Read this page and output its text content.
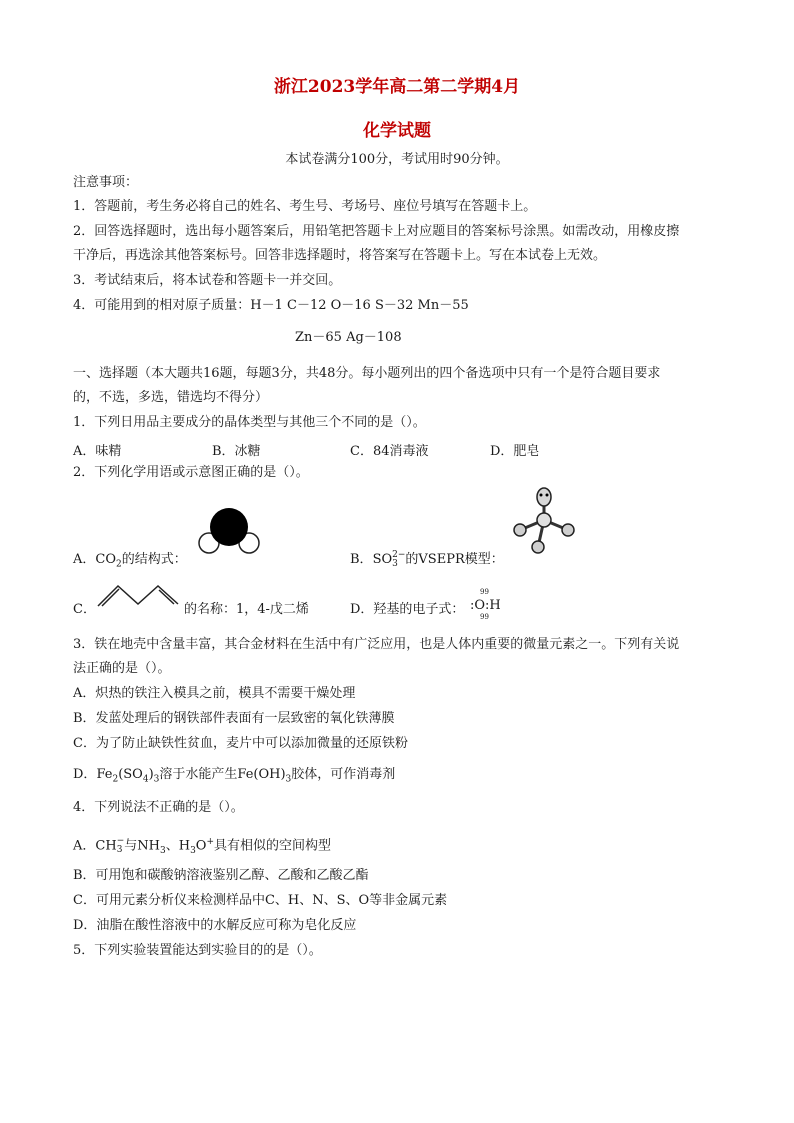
浙江2023学年高二第二学期4月
化学试题
本试卷满分100分，考试用时90分钟。
注意事项：
1．答题前，考生务必将自己的姓名、考生号、考场号、座位号填写在答题卡上。
2．回答选择题时，选出每小题答案后，用铅笔把答题卡上对应题目的答案标号涂黑。如需改动，用橡皮擦
干净后，再选涂其他答案标号。回答非选择题时，将答案写在答题卡上。写在本试卷上无效。
3．考试结束后，将本试卷和答题卡一并交回。
4．可能用到的相对原子质量：H－1 C－12 O－16 S－32 Mn－55
Zn－65 Ag－108
一、选择题（本大题共16题，每题3分，共48分。每小题列出的四个备选项中只有一个是符合题目要求
的，不选，多选，错选均不得分）
1．下列日用品主要成分的晶体类型与其他三个不同的是（）。
A．味精	B．冰糖	C．84消毒液	D．肥皂
2．下列化学用语或示意图正确的是（）。
A．$CO_2$的结构式：	B．SO 2−
3 的VSEPR模型：
C．	的名称：1，4-戊二烯	D．羟基的电子式：
99
:O:H
99
3．铁在地壳中含量丰富，其合金材料在生活中有广泛应用，也是人体内重要的微量元素之一。下列有关说
法正确的是（）。
A．炽热的铁注入模具之前，模具不需要干燥处理
B．发蓝处理后的钢铁部件表面有一层致密的氧化铁薄膜
C．为了防止缺铁性贫血，麦片中可以添加微量的还原铁粉
D．$Fe_2(SO_4)_3$溶于水能产生$Fe(OH)_3$胶体，可作消毒剂
4．下列说法不正确的是（）。
A．CH −
3 与$NH_3$、$H_3O^+$具有相似的空间构型
B．可用饱和碳酸钠溶液鉴别乙醇、乙酸和乙酸乙酯
C．可用元素分析仪来检测样品中C、H、N、S、O等非金属元素
D．油脂在酸性溶液中的水解反应可称为皂化反应
5．下列实验装置能达到实验目的的是（）。
